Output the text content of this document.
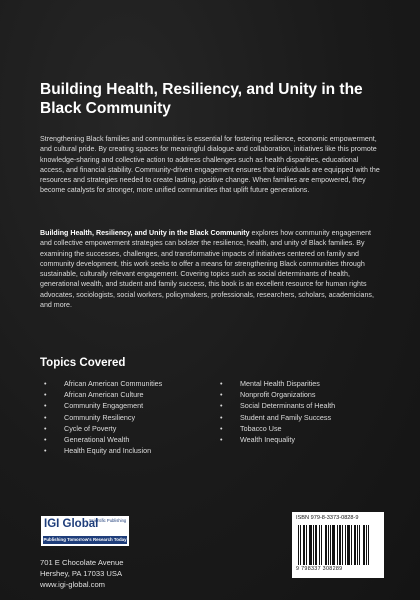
Building Health, Resiliency, and Unity in the Black Community

Strengthening Black families and communities is essential for fostering resilience, economic empowerment, and cultural pride. By creating spaces for meaningful dialogue and collaboration, initiatives like this promote knowledge-sharing and collective action to address challenges such as health disparities, educational access, and financial stability. Community-driven engagement ensures that individuals are equipped with the resources and strategies needed to create lasting, positive change. When families are empowered, they become catalysts for stronger, more unified communities that uplift future generations.

Building Health, Resiliency, and Unity in the Black Community explores how community engagement and collective empowerment strategies can bolster the resilience, health, and unity of Black families. By examining the successes, challenges, and transformative impacts of initiatives centered on family and community development, this work seeks to offer a means for strengthening Black communities through sustainable, culturally relevant engagement. Covering topics such as social determinants of health, generational wealth, and student and family success, this book is an excellent resource for human rights advocates, sociologists, social workers, policymakers, professionals, researchers, scholars, academicians, and more.

Topics Covered
• African American Communities
• African American Culture
• Community Engagement
• Community Resiliency
• Cycle of Poverty
• Generational Wealth
• Health Equity and Inclusion
• Mental Health Disparities
• Nonprofit Organizations
• Social Determinants of Health
• Student and Family Success
• Tobacco Use
• Wealth Inequality
IGI Global
Scientific Publishing
Publishing Tomorrow's Research Today
701 E Chocolate Avenue
Hershey, PA 17033 USA
www.igi-global.com
ISBN 979-8-3373-0828-9
9 798337 308289
